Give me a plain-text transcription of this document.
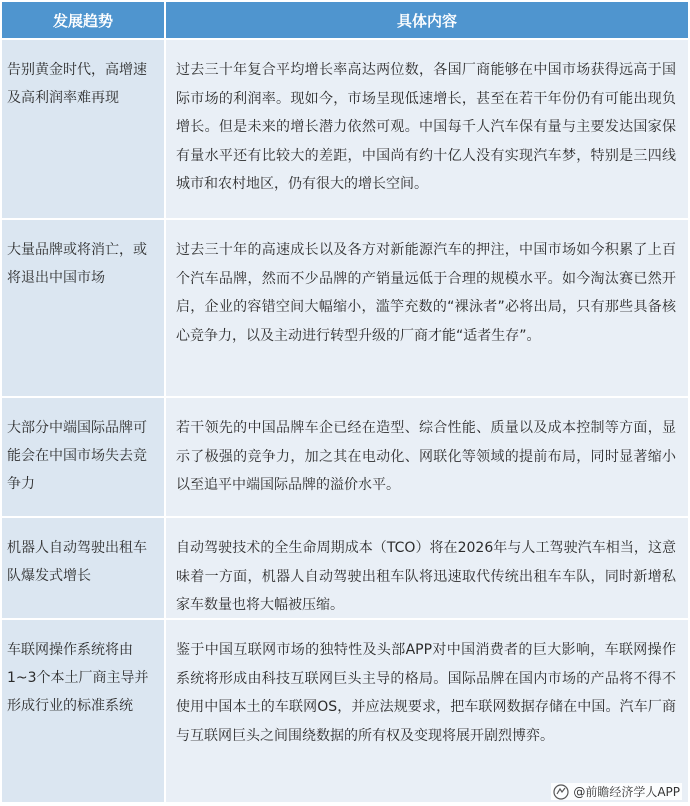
发展趋势	具体内容
告别黄金时代，高增速及高利润率难再现
过去三十年复合平均增长率高达两位数，各国厂商能够在中国市场获得远高于国际市场的利润率。现如今，市场呈现低速增长，甚至在若干年份仍有可能出现负增长。但是未来的增长潜力依然可观。中国每千人汽车保有量与主要发达国家保有量水平还有比较大的差距，中国尚有约十亿人没有实现汽车梦，特别是三四线城市和农村地区，仍有很大的增长空间。
大量品牌或将消亡，或将退出中国市场
过去三十年的高速成长以及各方对新能源汽车的押注，中国市场如今积累了上百个汽车品牌，然而不少品牌的产销量远低于合理的规模水平。如今淘汰赛已然开启，企业的容错空间大幅缩小，滥竽充数的“裸泳者”必将出局，只有那些具备核心竞争力，以及主动进行转型升级的厂商才能“适者生存”。
大部分中端国际品牌可能会在中国市场失去竞争力
若干领先的中国品牌车企已经在造型、综合性能、质量以及成本控制等方面，显示了极强的竞争力，加之其在电动化、网联化等领域的提前布局，同时显著缩小以至追平中端国际品牌的溢价水平。
机器人自动驾驶出租车队爆发式增长
自动驾驶技术的全生命周期成本（TCO）将在2026年与人工驾驶汽车相当，这意味着一方面，机器人自动驾驶出租车队将迅速取代传统出租车车队，同时新增私家车数量也将大幅被压缩。
车联网操作系统将由1~3个本土厂商主导并形成行业的标准系统
鉴于中国互联网市场的独特性及头部APP对中国消费者的巨大影响，车联网操作系统将形成由科技互联网巨头主导的格局。国际品牌在国内市场的产品将不得不使用中国本土的车联网OS，并应法规要求，把车联网数据存储在中国。汽车厂商与互联网巨头之间围绕数据的所有权及变现将展开剧烈博弈。
@前瞻经济学人APP
